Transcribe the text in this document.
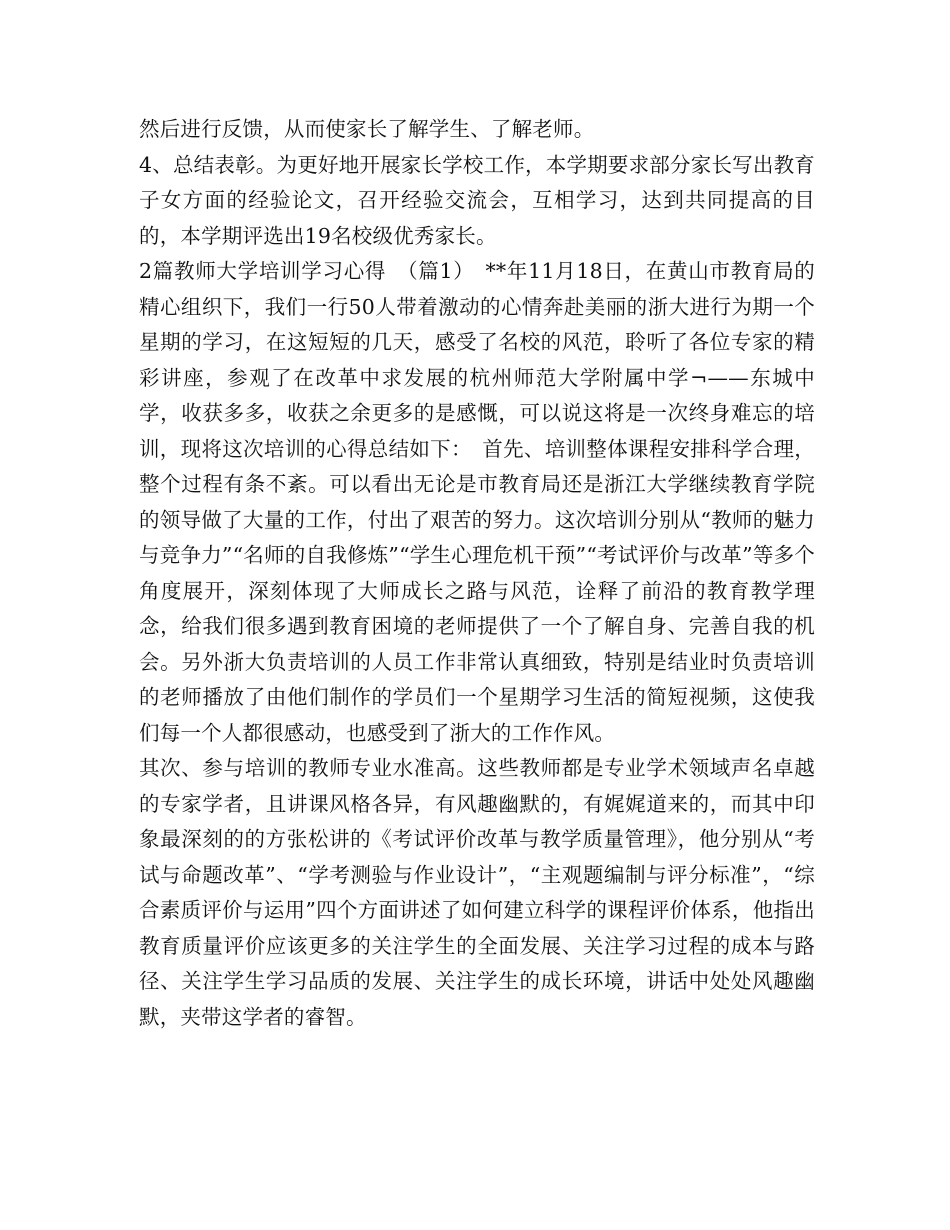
然后进行反馈，从而使家长了解学生、了解老师。

4、总结表彰。为更好地开展家长学校工作，本学期要求部分家长写出教育子女方面的经验论文，召开经验交流会，互相学习，达到共同提高的目的，本学期评选出19名校级优秀家长。

2篇教师大学培训学习心得　（篇1）　**年11月18日，在黄山市教育局的精心组织下，我们一行50人带着激动的心情奔赴美丽的浙大进行为期一个星期的学习，在这短短的几天，感受了名校的风范，聆听了各位专家的精彩讲座，参观了在改革中求发展的杭州师范大学附属中学¬——东城中学，收获多多，收获之余更多的是感慨，可以说这将是一次终身难忘的培训，现将这次培训的心得总结如下：　首先、培训整体课程安排科学合理，整个过程有条不紊。可以看出无论是市教育局还是浙江大学继续教育学院的领导做了大量的工作，付出了艰苦的努力。这次培训分别从“教师的魅力与竞争力”“名师的自我修炼”“学生心理危机干预”“考试评价与改革”等多个角度展开，深刻体现了大师成长之路与风范，诠释了前沿的教育教学理念，给我们很多遇到教育困境的老师提供了一个了解自身、完善自我的机会。另外浙大负责培训的人员工作非常认真细致，特别是结业时负责培训的老师播放了由他们制作的学员们一个星期学习生活的简短视频，这使我们每一个人都很感动，也感受到了浙大的工作作风。

其次、参与培训的教师专业水准高。这些教师都是专业学术领域声名卓越的专家学者，且讲课风格各异，有风趣幽默的，有娓娓道来的，而其中印象最深刻的的方张松讲的《考试评价改革与教学质量管理》，他分别从“考试与命题改革”、“学考测验与作业设计”，“主观题编制与评分标准”，“综合素质评价与运用”四个方面讲述了如何建立科学的课程评价体系，他指出教育质量评价应该更多的关注学生的全面发展、关注学习过程的成本与路径、关注学生学习品质的发展、关注学生的成长环境，讲话中处处风趣幽默，夹带这学者的睿智。
